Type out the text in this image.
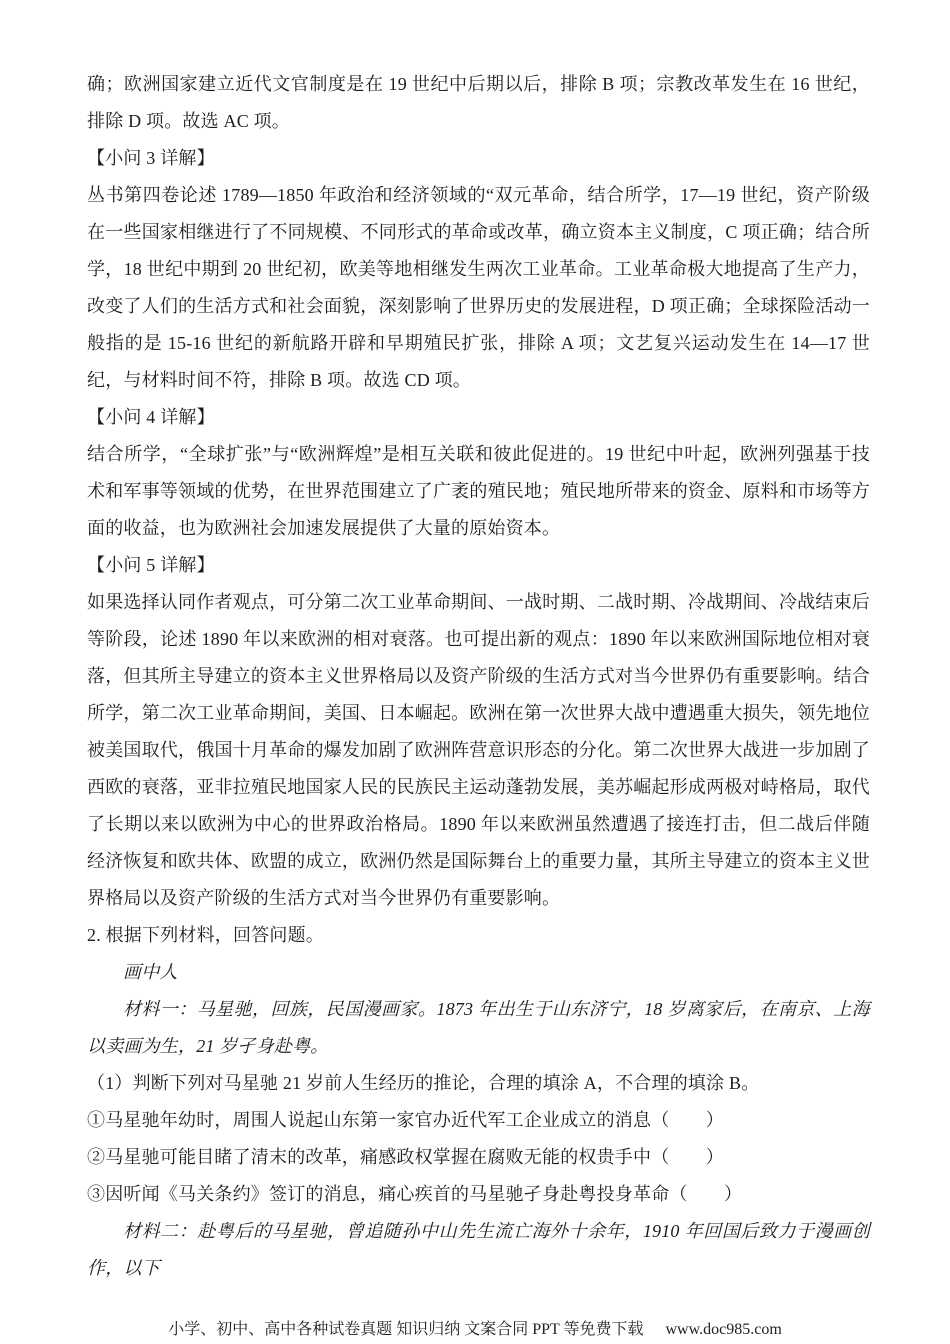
确；欧洲国家建立近代文官制度是在 19 世纪中后期以后，排除 B 项；宗教改革发生在 16 世纪，排除 D 项。故选 AC 项。

【小问 3 详解】

丛书第四卷论述 1789—1850 年政治和经济领域的“双元革命，结合所学，17—19 世纪，资产阶级在一些国家相继进行了不同规模、不同形式的革命或改革，确立资本主义制度，C 项正确；结合所学，18 世纪中期到 20 世纪初，欧美等地相继发生两次工业革命。工业革命极大地提高了生产力，改变了人们的生活方式和社会面貌，深刻影响了世界历史的发展进程，D 项正确；全球探险活动一般指的是 15-16 世纪的新航路开辟和早期殖民扩张，排除 A 项；文艺复兴运动发生在 14—17 世纪，与材料时间不符，排除 B 项。故选 CD 项。

【小问 4 详解】

结合所学，“全球扩张”与“欧洲辉煌”是相互关联和彼此促进的。19 世纪中叶起，欧洲列强基于技术和军事等领域的优势，在世界范围建立了广袤的殖民地；殖民地所带来的资金、原料和市场等方面的收益，也为欧洲社会加速发展提供了大量的原始资本。

【小问 5 详解】

如果选择认同作者观点，可分第二次工业革命期间、一战时期、二战时期、冷战期间、冷战结束后等阶段，论述 1890 年以来欧洲的相对衰落。也可提出新的观点：1890 年以来欧洲国际地位相对衰落，但其所主导建立的资本主义世界格局以及资产阶级的生活方式对当今世界仍有重要影响。结合所学，第二次工业革命期间，美国、日本崛起。欧洲在第一次世界大战中遭遇重大损失，领先地位被美国取代，俄国十月革命的爆发加剧了欧洲阵营意识形态的分化。第二次世界大战进一步加剧了西欧的衰落，亚非拉殖民地国家人民的民族民主运动蓬勃发展，美苏崛起形成两极对峙格局，取代了长期以来以欧洲为中心的世界政治格局。1890 年以来欧洲虽然遭遇了接连打击，但二战后伴随经济恢复和欧共体、欧盟的成立，欧洲仍然是国际舞台上的重要力量，其所主导建立的资本主义世界格局以及资产阶级的生活方式对当今世界仍有重要影响。

2. 根据下列材料，回答问题。

画中人

材料一：马星驰，回族，民国漫画家。1873 年出生于山东济宁，18 岁离家后，在南京、上海以卖画为生，21 岁孑身赴粤。

（1）判断下列对马星驰 21 岁前人生经历的推论，合理的填涂 A，不合理的填涂 B。

①马星驰年幼时，周围人说起山东第一家官办近代军工企业成立的消息（　　）

②马星驰可能目睹了清末的改革，痛感政权掌握在腐败无能的权贵手中（　　）

③因听闻《马关条约》签订的消息，痛心疾首的马星驰孑身赴粤投身革命（　　）

材料二：赴粤后的马星驰，曾追随孙中山先生流亡海外十余年，1910 年回国后致力于漫画创作，以下

小学、初中、高中各种试卷真题 知识归纳 文案合同 PPT 等免费下载 www.doc985.com
